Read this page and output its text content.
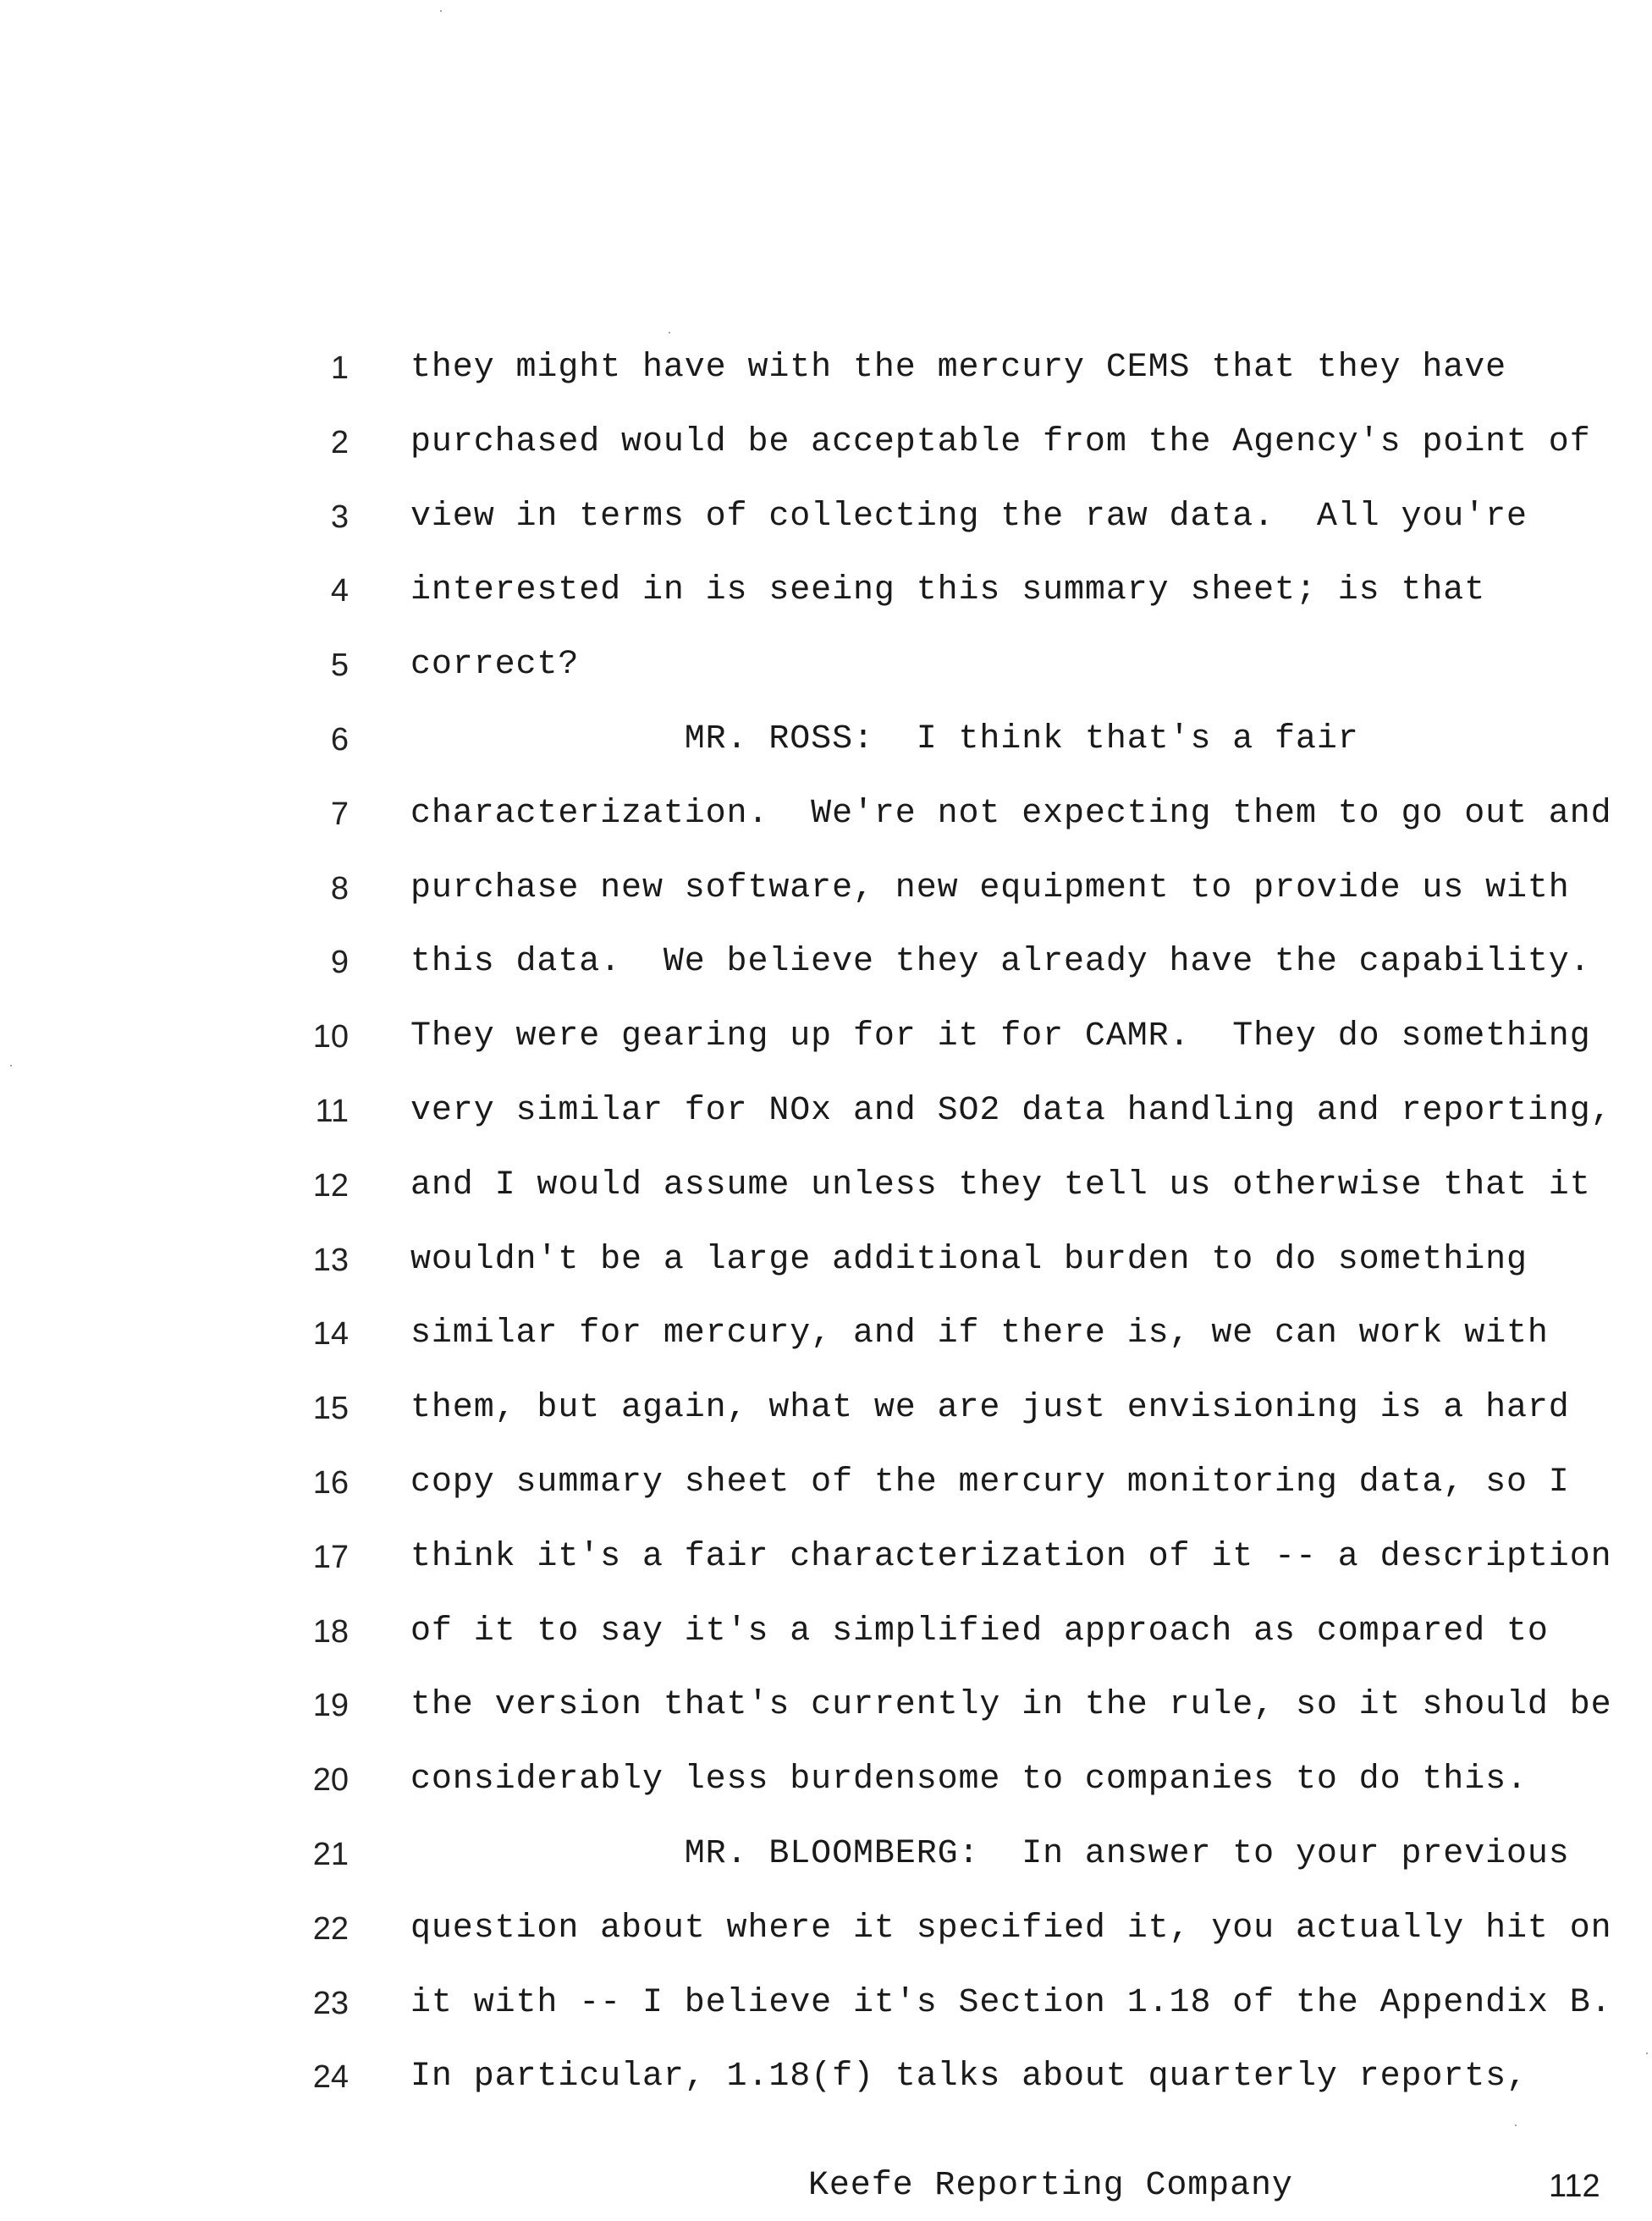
1 they might have with the mercury CEMS that they have
2 purchased would be acceptable from the Agency's point of
3 view in terms of collecting the raw data.  All you're
4 interested in is seeing this summary sheet; is that
5 correct?
6 MR. ROSS:  I think that's a fair
7 characterization.  We're not expecting them to go out and
8 purchase new software, new equipment to provide us with
9 this data.  We believe they already have the capability.
10 They were gearing up for it for CAMR.  They do something
11 very similar for NOx and SO2 data handling and reporting,
12 and I would assume unless they tell us otherwise that it
13 wouldn't be a large additional burden to do something
14 similar for mercury, and if there is, we can work with
15 them, but again, what we are just envisioning is a hard
16 copy summary sheet of the mercury monitoring data, so I
17 think it's a fair characterization of it -- a description
18 of it to say it's a simplified approach as compared to
19 the version that's currently in the rule, so it should be
20 considerably less burdensome to companies to do this.
21 MR. BLOOMBERG:  In answer to your previous
22 question about where it specified it, you actually hit on
23 it with -- I believe it's Section 1.18 of the Appendix B.
24 In particular, 1.18(f) talks about quarterly reports,
Keefe Reporting Company	112
